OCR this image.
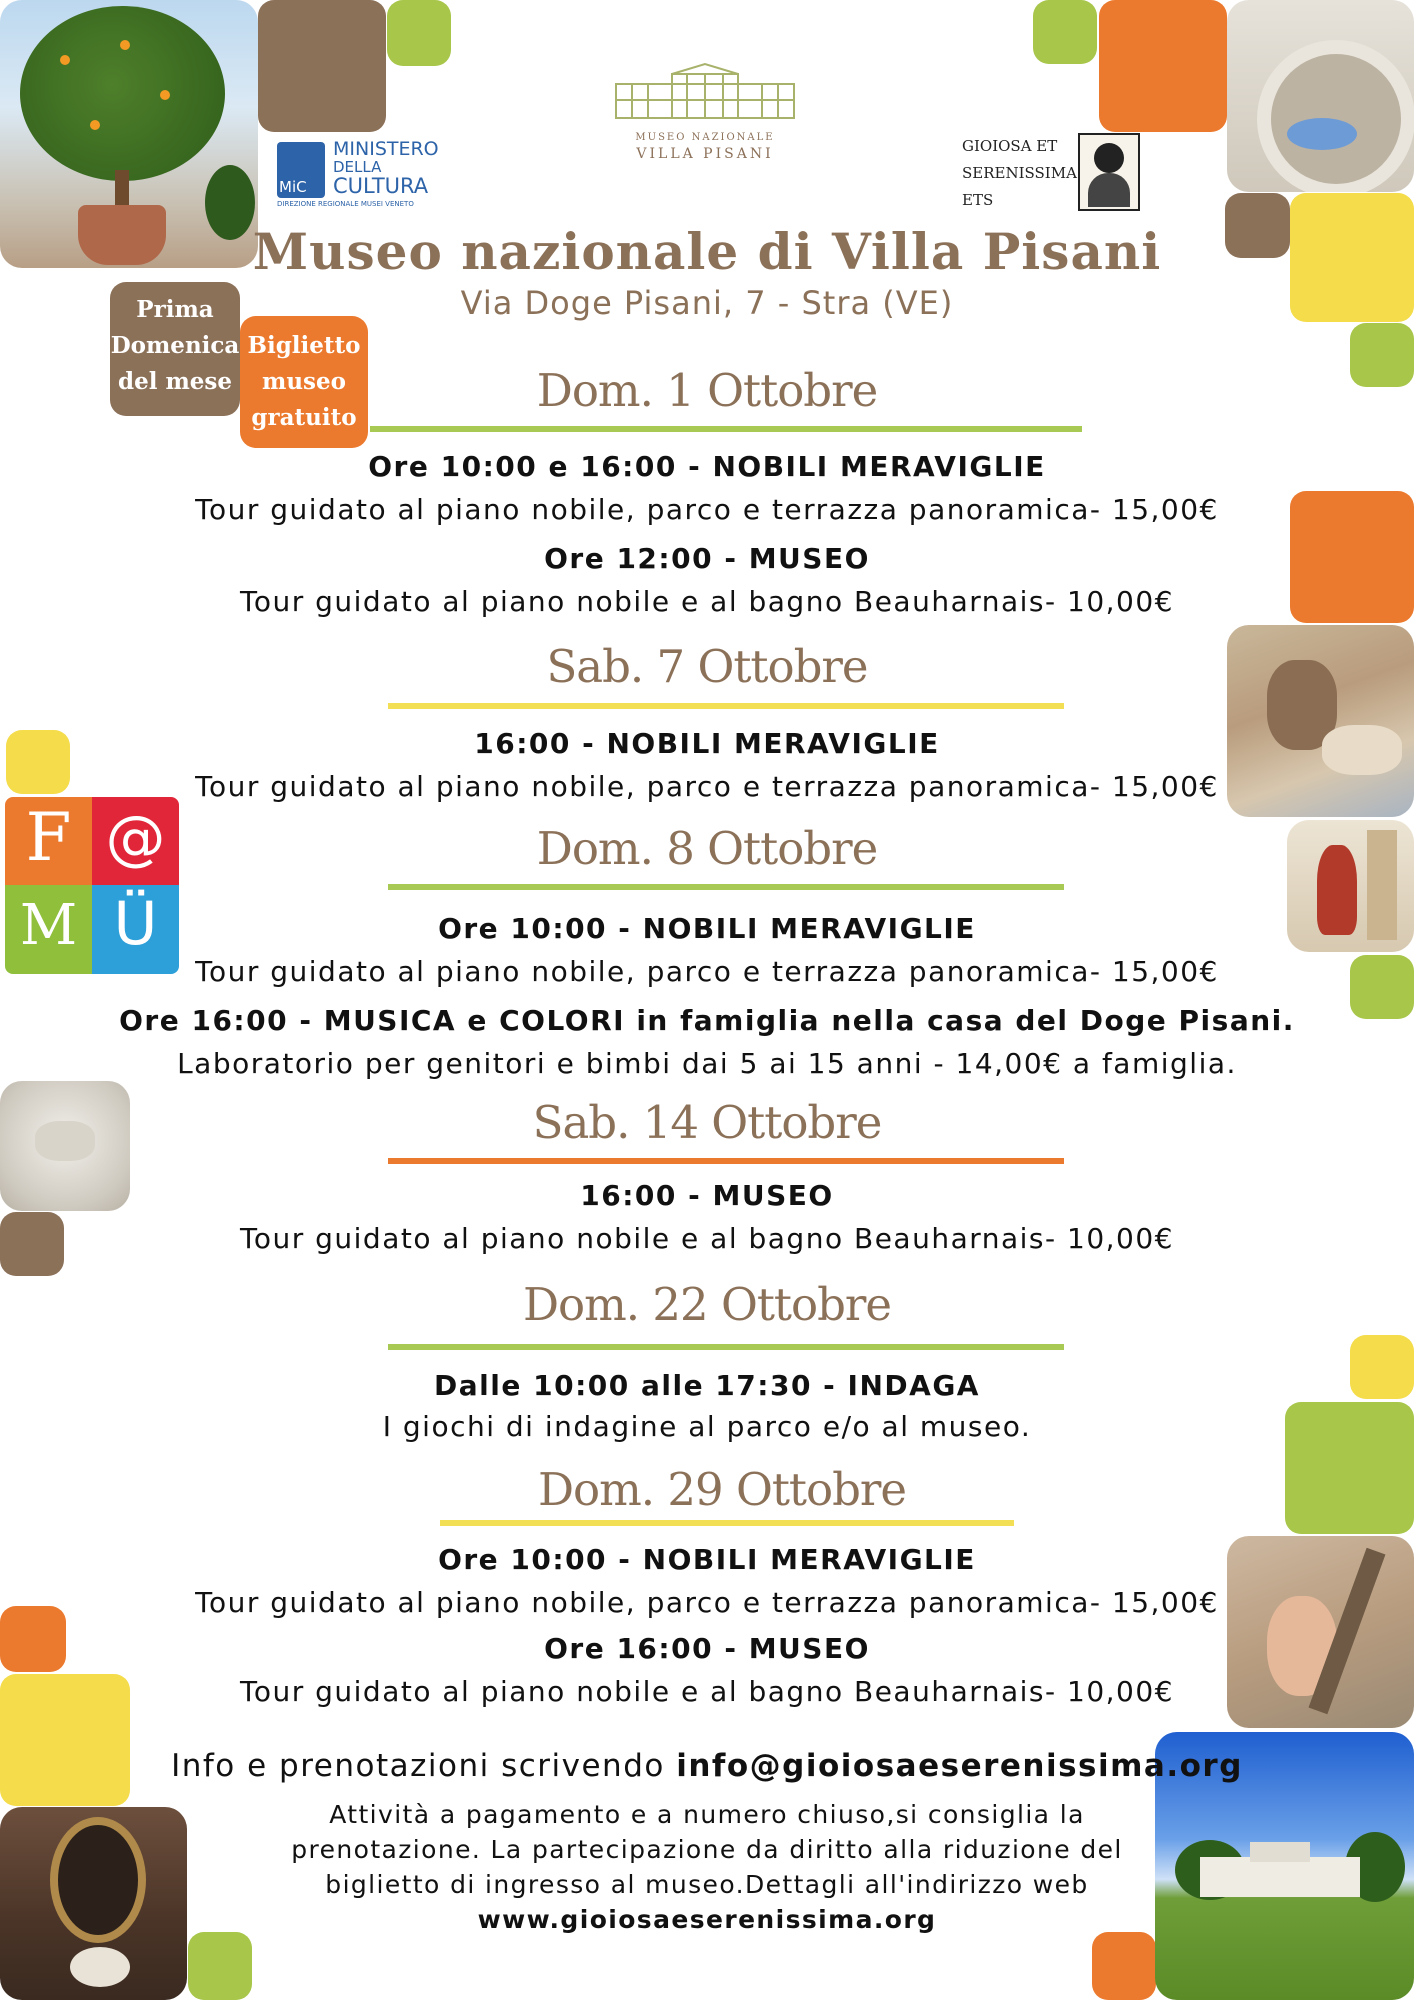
MiC
MINISTERO
DELLA
CULTURA
DIREZIONE REGIONALE MUSEI VENETO
MUSEO NAZIONALE
VILLA PISANI	GIOIOSA ET
SERENISSIMA
ETS
Museo nazionale di Villa Pisani
Via Doge Pisani, 7 - Stra (VE)
Prima
Domenica
del mese
Biglietto
museo
gratuito
F @
M Ü
Dom. 1 Ottobre
Ore 10:00 e 16:00 - NOBILI MERAVIGLIE
Tour guidato al piano nobile, parco e terrazza panoramica- 15,00€
Ore 12:00 - MUSEO
Tour guidato al piano nobile e al bagno Beauharnais- 10,00€
Sab. 7 Ottobre
16:00 - NOBILI MERAVIGLIE
Tour guidato al piano nobile, parco e terrazza panoramica- 15,00€
Dom. 8 Ottobre
Ore 10:00 - NOBILI MERAVIGLIE
Tour guidato al piano nobile, parco e terrazza panoramica- 15,00€
Ore 16:00 - MUSICA e COLORI in famiglia nella casa del Doge Pisani.
Laboratorio per genitori e bimbi dai 5 ai 15 anni - 14,00€ a famiglia.
Sab. 14 Ottobre
16:00 - MUSEO
Tour guidato al piano nobile e al bagno Beauharnais- 10,00€
Dom. 22 Ottobre
Dalle 10:00 alle 17:30 - INDAGA
I giochi di indagine al parco e/o al museo.
Dom. 29 Ottobre
Ore 10:00 - NOBILI MERAVIGLIE
Tour guidato al piano nobile, parco e terrazza panoramica- 15,00€
Ore 16:00 - MUSEO
Tour guidato al piano nobile e al bagno Beauharnais- 10,00€
Info e prenotazioni scrivendo info@gioiosaeserenissima.org
Attività a pagamento e a numero chiuso,si consiglia la
prenotazione. La partecipazione da diritto alla riduzione del
biglietto di ingresso al museo.Dettagli all'indirizzo web
www.gioiosaeserenissima.org
